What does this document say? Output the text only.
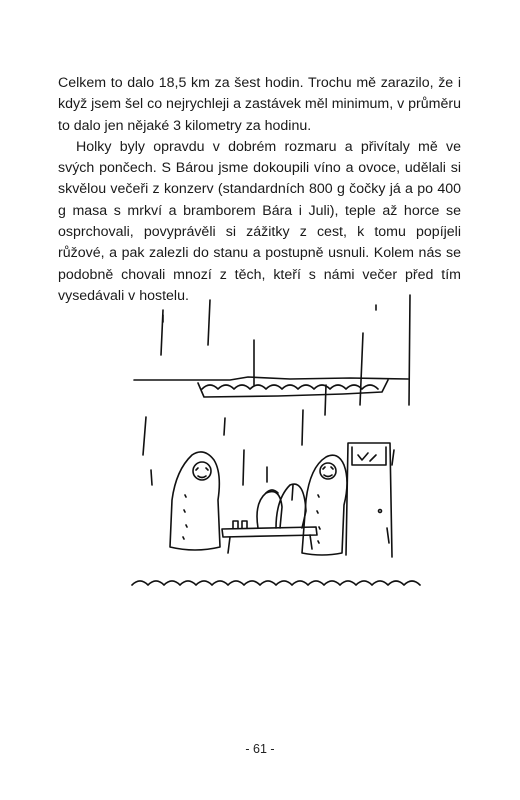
Celkem to dalo 18,5 km za šest hodin. Trochu mě zarazilo, že i když jsem šel co nejrychleji a zastávek měl minimum, v průměru to dalo jen nějaké 3 kilometry za hodinu.

Holky byly opravdu v dobrém rozmaru a přivítaly mě ve svých pončech. S Bárou jsme dokoupili víno a ovoce, udělali si skvělou večeři z konzerv (standardních 800 g čočky já a po 400 g masa s mrkví a bramborem Bára i Juli), teple až horce se osprchovali, povyprávěli si zážitky z cest, k tomu popíjeli růžové, a pak zalezli do stanu a postupně usnuli. Kolem nás se podobně chovali mnozí z těch, kteří s námi večer před tím vysedávali v hostelu.

- 61 -
